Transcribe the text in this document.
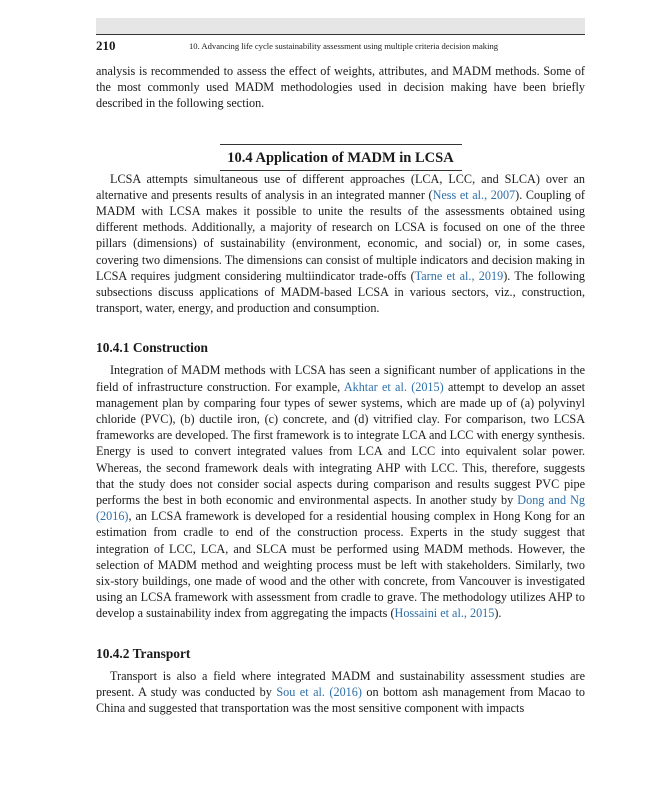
210	10. Advancing life cycle sustainability assessment using multiple criteria decision making

analysis is recommended to assess the effect of weights, attributes, and MADM methods. Some of the most commonly used MADM methodologies used in decision making have been briefly described in the following section.

10.4 Application of MADM in LCSA

LCSA attempts simultaneous use of different approaches (LCA, LCC, and SLCA) over an alternative and presents results of analysis in an integrated manner (Ness et al., 2007). Coupling of MADM with LCSA makes it possible to unite the results of the assessments obtained using different methods. Additionally, a majority of research on LCSA is focused on one of the three pillars (dimensions) of sustainability (environment, economic, and social) or, in some cases, covering two dimensions. The dimensions can consist of multiple indicators and decision making in LCSA requires judgment considering multiindicator trade-offs (Tarne et al., 2019). The following subsections discuss applications of MADM-based LCSA in various sectors, viz., construction, transport, water, energy, and production and consumption.

10.4.1 Construction

Integration of MADM methods with LCSA has seen a significant number of applications in the field of infrastructure construction. For example, Akhtar et al. (2015) attempt to develop an asset management plan by comparing four types of sewer systems, which are made up of (a) polyvinyl chloride (PVC), (b) ductile iron, (c) concrete, and (d) vitrified clay. For comparison, two LCSA frameworks are developed. The first framework is to integrate LCA and LCC with energy synthesis. Energy is used to convert integrated values from LCA and LCC into equivalent solar power. Whereas, the second framework deals with integrating AHP with LCC. This, therefore, suggests that the study does not consider social aspects during comparison and results suggest PVC pipe performs the best in both economic and environmental aspects. In another study by Dong and Ng (2016), an LCSA framework is developed for a residential housing complex in Hong Kong for an estimation from cradle to end of the construction process. Experts in the study suggest that integration of LCC, LCA, and SLCA must be performed using MADM methods. However, the selection of MADM method and weighting process must be left with stakeholders. Similarly, two six-story buildings, one made of wood and the other with concrete, from Vancouver is investigated using an LCSA framework with assessment from cradle to grave. The methodology utilizes AHP to develop a sustainability index from aggregating the impacts (Hossaini et al., 2015).

10.4.2 Transport

Transport is also a field where integrated MADM and sustainability assessment studies are present. A study was conducted by Sou et al. (2016) on bottom ash management from Macao to China and suggested that transportation was the most sensitive component with impacts
